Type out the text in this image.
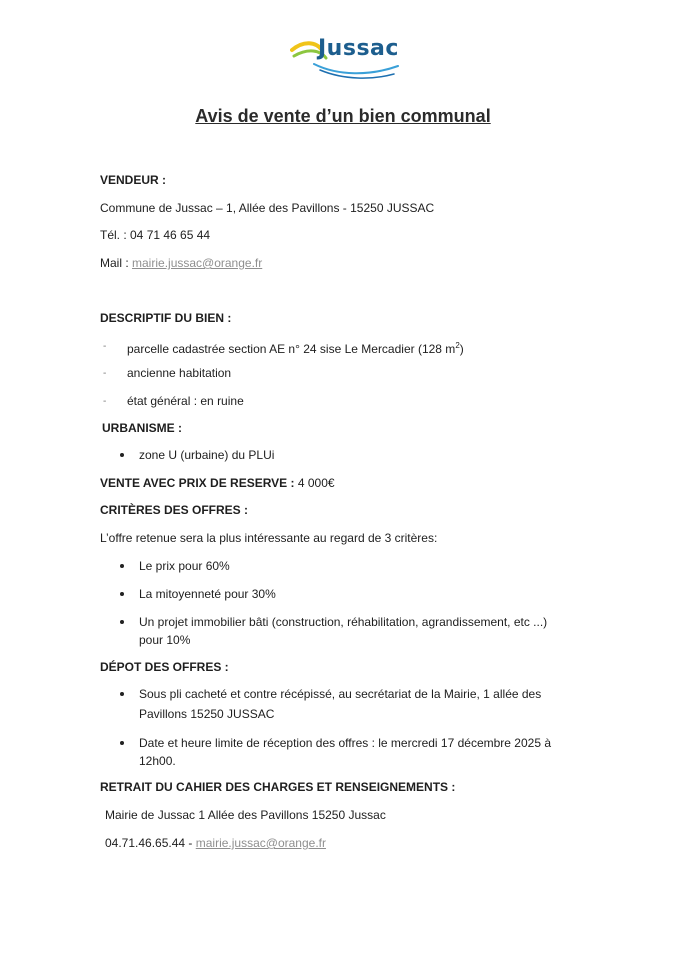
Jussac
Avis de vente d’un bien communal
VENDEUR :
Commune de Jussac – 1, Allée des Pavillons - 15250 JUSSAC
Tél. : 04 71 46 65 44
Mail : mairie.jussac@orange.fr
DESCRIPTIF DU BIEN :
- parcelle cadastrée section AE n° 24 sise Le Mercadier (128 $m^2$)
- ancienne habitation
- état général : en ruine
URBANISME :
zone U (urbaine) du PLUi
VENTE AVEC PRIX DE RESERVE : 4 000€
CRITÈRES DES OFFRES :
L’offre retenue sera la plus intéressante au regard de 3 critères:
Le prix pour 60%
La mitoyenneté pour 30%
Un projet immobilier bâti (construction, réhabilitation, agrandissement, etc ...)
pour 10%
DÉPOT DES OFFRES :
Sous pli cacheté et contre récépissé, au secrétariat de la Mairie, 1 allée des
Pavillons 15250 JUSSAC
Date et heure limite de réception des offres : le mercredi 17 décembre 2025 à
12h00.
RETRAIT DU CAHIER DES CHARGES ET RENSEIGNEMENTS :
Mairie de Jussac 1 Allée des Pavillons 15250 Jussac
04.71.46.65.44 - mairie.jussac@orange.fr
